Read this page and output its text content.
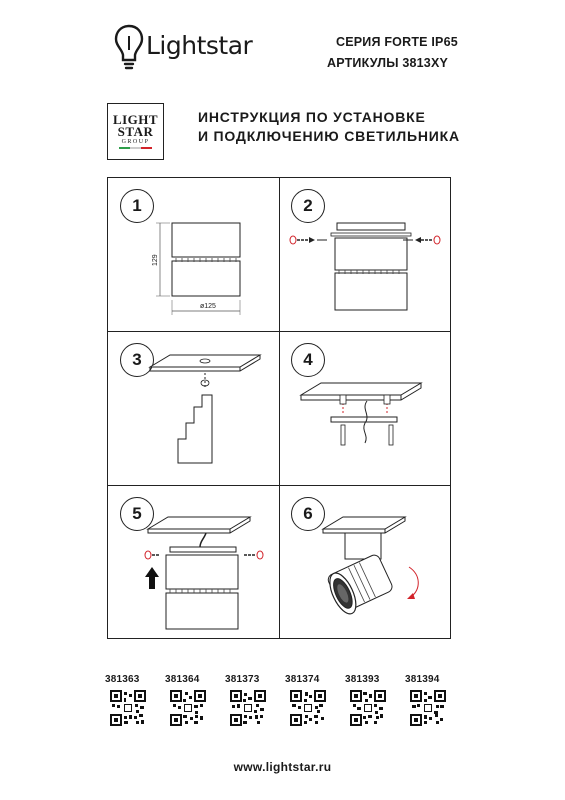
Lightstar	СЕРИЯ FORTE IP65
АРТИКУЛЫ 3813XY
LIGHT
STAR
GROUP
ИНСТРУКЦИЯ ПО УСТАНОВКЕ
И ПОДКЛЮЧЕНИЮ СВЕТИЛЬНИКА
1
129
ø125
2
3	4
5	6
381363	381364	381373	381374	381393	381394
www.lightstar.ru
